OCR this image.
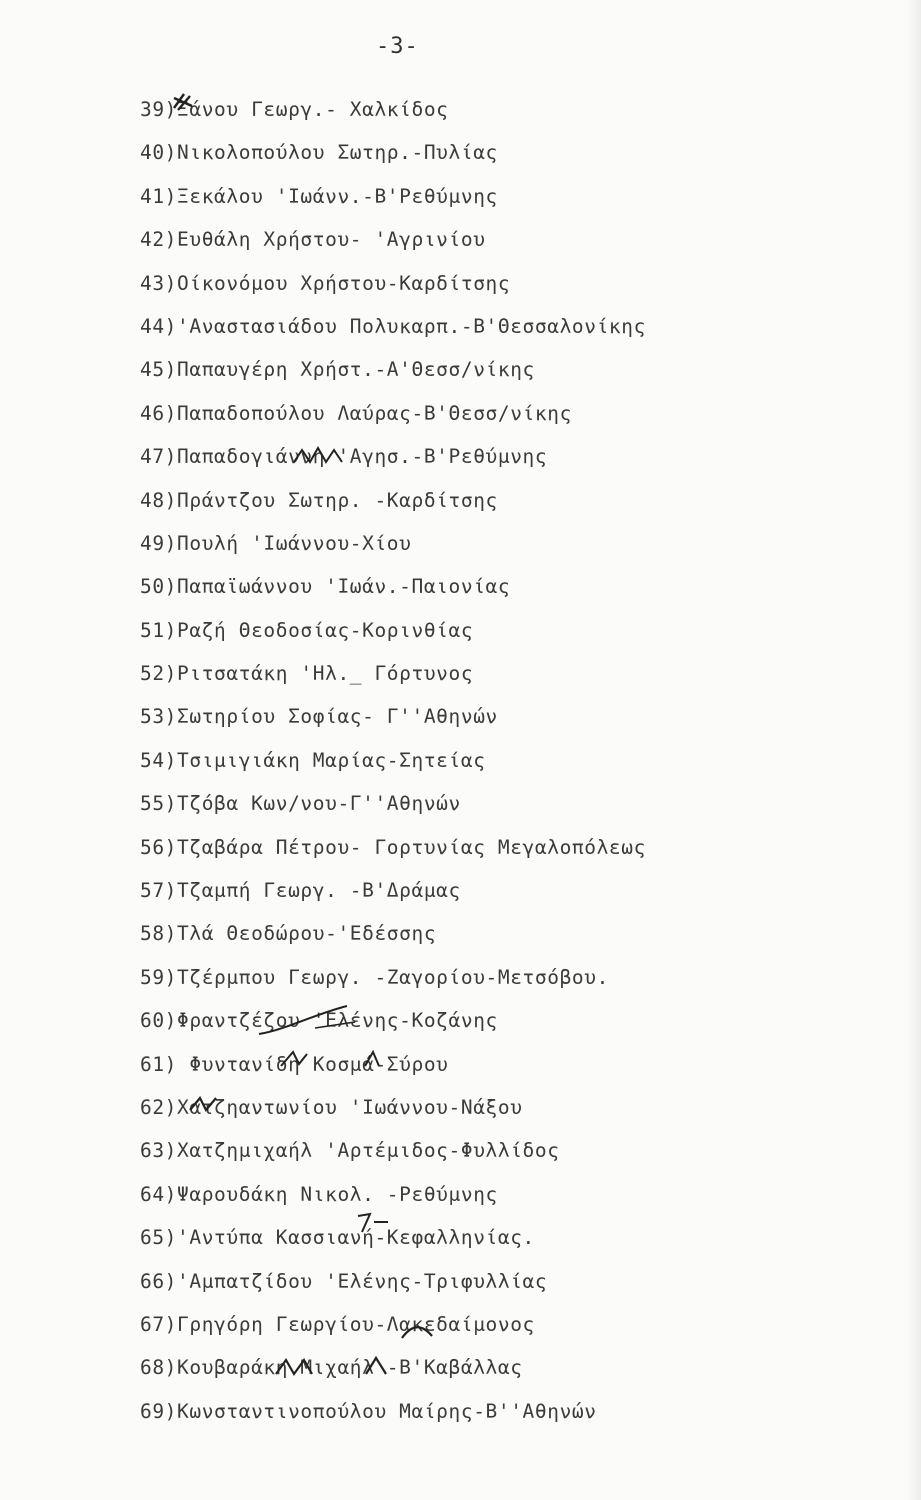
-3-
39)Ξάνου Γεωργ.- Χαλκίδος
40)Νικολοπούλου Σωτηρ.-Πυλίας
41)Ξεκάλου 'Ιωάνν.-Β'Ρεθύμνης
42)Ευθάλη Χρήστου- 'Αγρινίου
43)Οίκονόμου Χρήστου-Καρδίτσης
44)'Αναστασιάδου Πολυκαρπ.-Β'Θεσσαλονίκης
45)Παπαυγέρη Χρήστ.-Α'Θεσσ/νίκης
46)Παπαδοπούλου Λαύρας-Β'Θεσσ/νίκης
47)Παπαδογιάννη 'Αγησ.-Β'Ρεθύμνης
48)Πράντζου Σωτηρ. -Καρδίτσης
49)Πουλή 'Ιωάννου-Χίου
50)Παπαϊωάννου 'Ιωάν.-Παιονίας
51)Ραζή Θεοδοσίας-Κορινθίας
52)Ριτσατάκη 'Ηλ._ Γόρτυνος
53)Σωτηρίου Σοφίας- Γ''Αθηνών
54)Τσιμιγιάκη Μαρίας-Σητείας
55)Τζόβα Κων/νου-Γ''Αθηνών
56)Τζαβάρα Πέτρου- Γορτυνίας Μεγαλοπόλεως
57)Τζαμπή Γεωργ. -Β'Δράμας
58)Τλά Θεοδώρου-'Εδέσσης
59)Τζέρμπου Γεωργ. -Ζαγορίου-Μετσόβου.
60)Φραντζέζου 'Ελένης-Κοζάνης
61) Φυντανίδη Κοσμά-Σύρου
62)Χατζηαντωνίου 'Ιωάννου-Νάξου
63)Χατζημιχαήλ 'Αρτέμιδος-Φυλλίδος
64)Ψαρουδάκη Νικολ. -Ρεθύμνης
65)'Αντύπα Κασσιανή-Κεφαλληνίας.
66)'Αμπατζίδου 'Ελένης-Τριφυλλίας
67)Γρηγόρη Γεωργίου-Λακεδαίμονος
68)Κουβαράκη Μιχαήλ -Β'Καβάλλας
69)Κωνσταντινοπούλου Μαίρης-Β''Αθηνών
